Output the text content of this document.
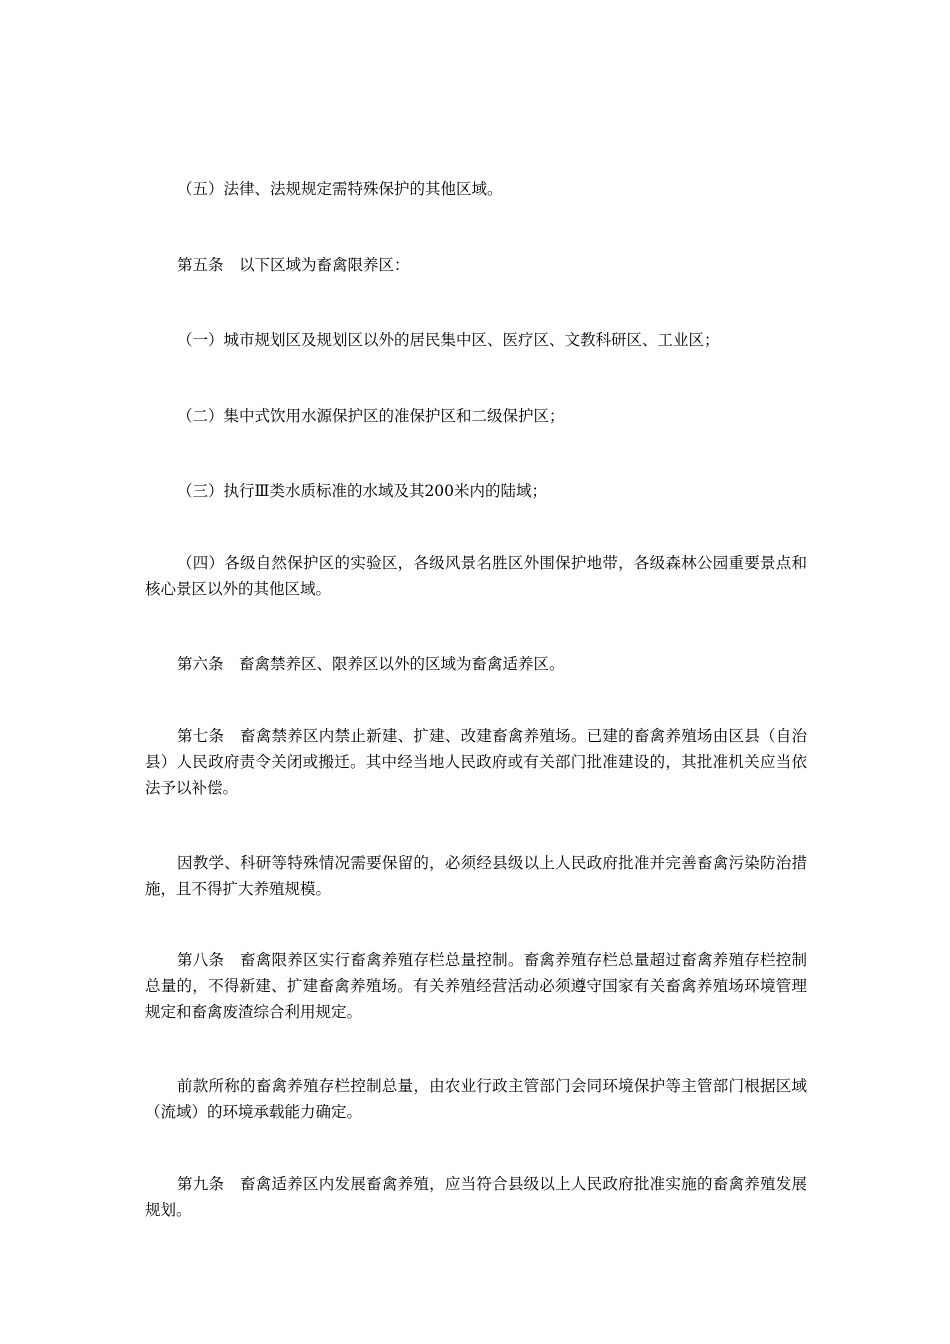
（五）法律、法规规定需特殊保护的其他区域。

第五条　以下区域为畜禽限养区：

（一）城市规划区及规划区以外的居民集中区、医疗区、文教科研区、工业区；

（二）集中式饮用水源保护区的准保护区和二级保护区；

（三）执行Ⅲ类水质标准的水域及其200米内的陆域；

（四）各级自然保护区的实验区，各级风景名胜区外围保护地带，各级森林公园重要景点和核心景区以外的其他区域。

第六条　畜禽禁养区、限养区以外的区域为畜禽适养区。

第七条　畜禽禁养区内禁止新建、扩建、改建畜禽养殖场。已建的畜禽养殖场由区县（自治县）人民政府责令关闭或搬迁。其中经当地人民政府或有关部门批准建设的，其批准机关应当依法予以补偿。

因教学、科研等特殊情况需要保留的，必须经县级以上人民政府批准并完善畜禽污染防治措施，且不得扩大养殖规模。

第八条　畜禽限养区实行畜禽养殖存栏总量控制。畜禽养殖存栏总量超过畜禽养殖存栏控制总量的，不得新建、扩建畜禽养殖场。有关养殖经营活动必须遵守国家有关畜禽养殖场环境管理规定和畜禽废渣综合利用规定。

前款所称的畜禽养殖存栏控制总量，由农业行政主管部门会同环境保护等主管部门根据区域（流域）的环境承载能力确定。

第九条　畜禽适养区内发展畜禽养殖，应当符合县级以上人民政府批准实施的畜禽养殖发展规划。
